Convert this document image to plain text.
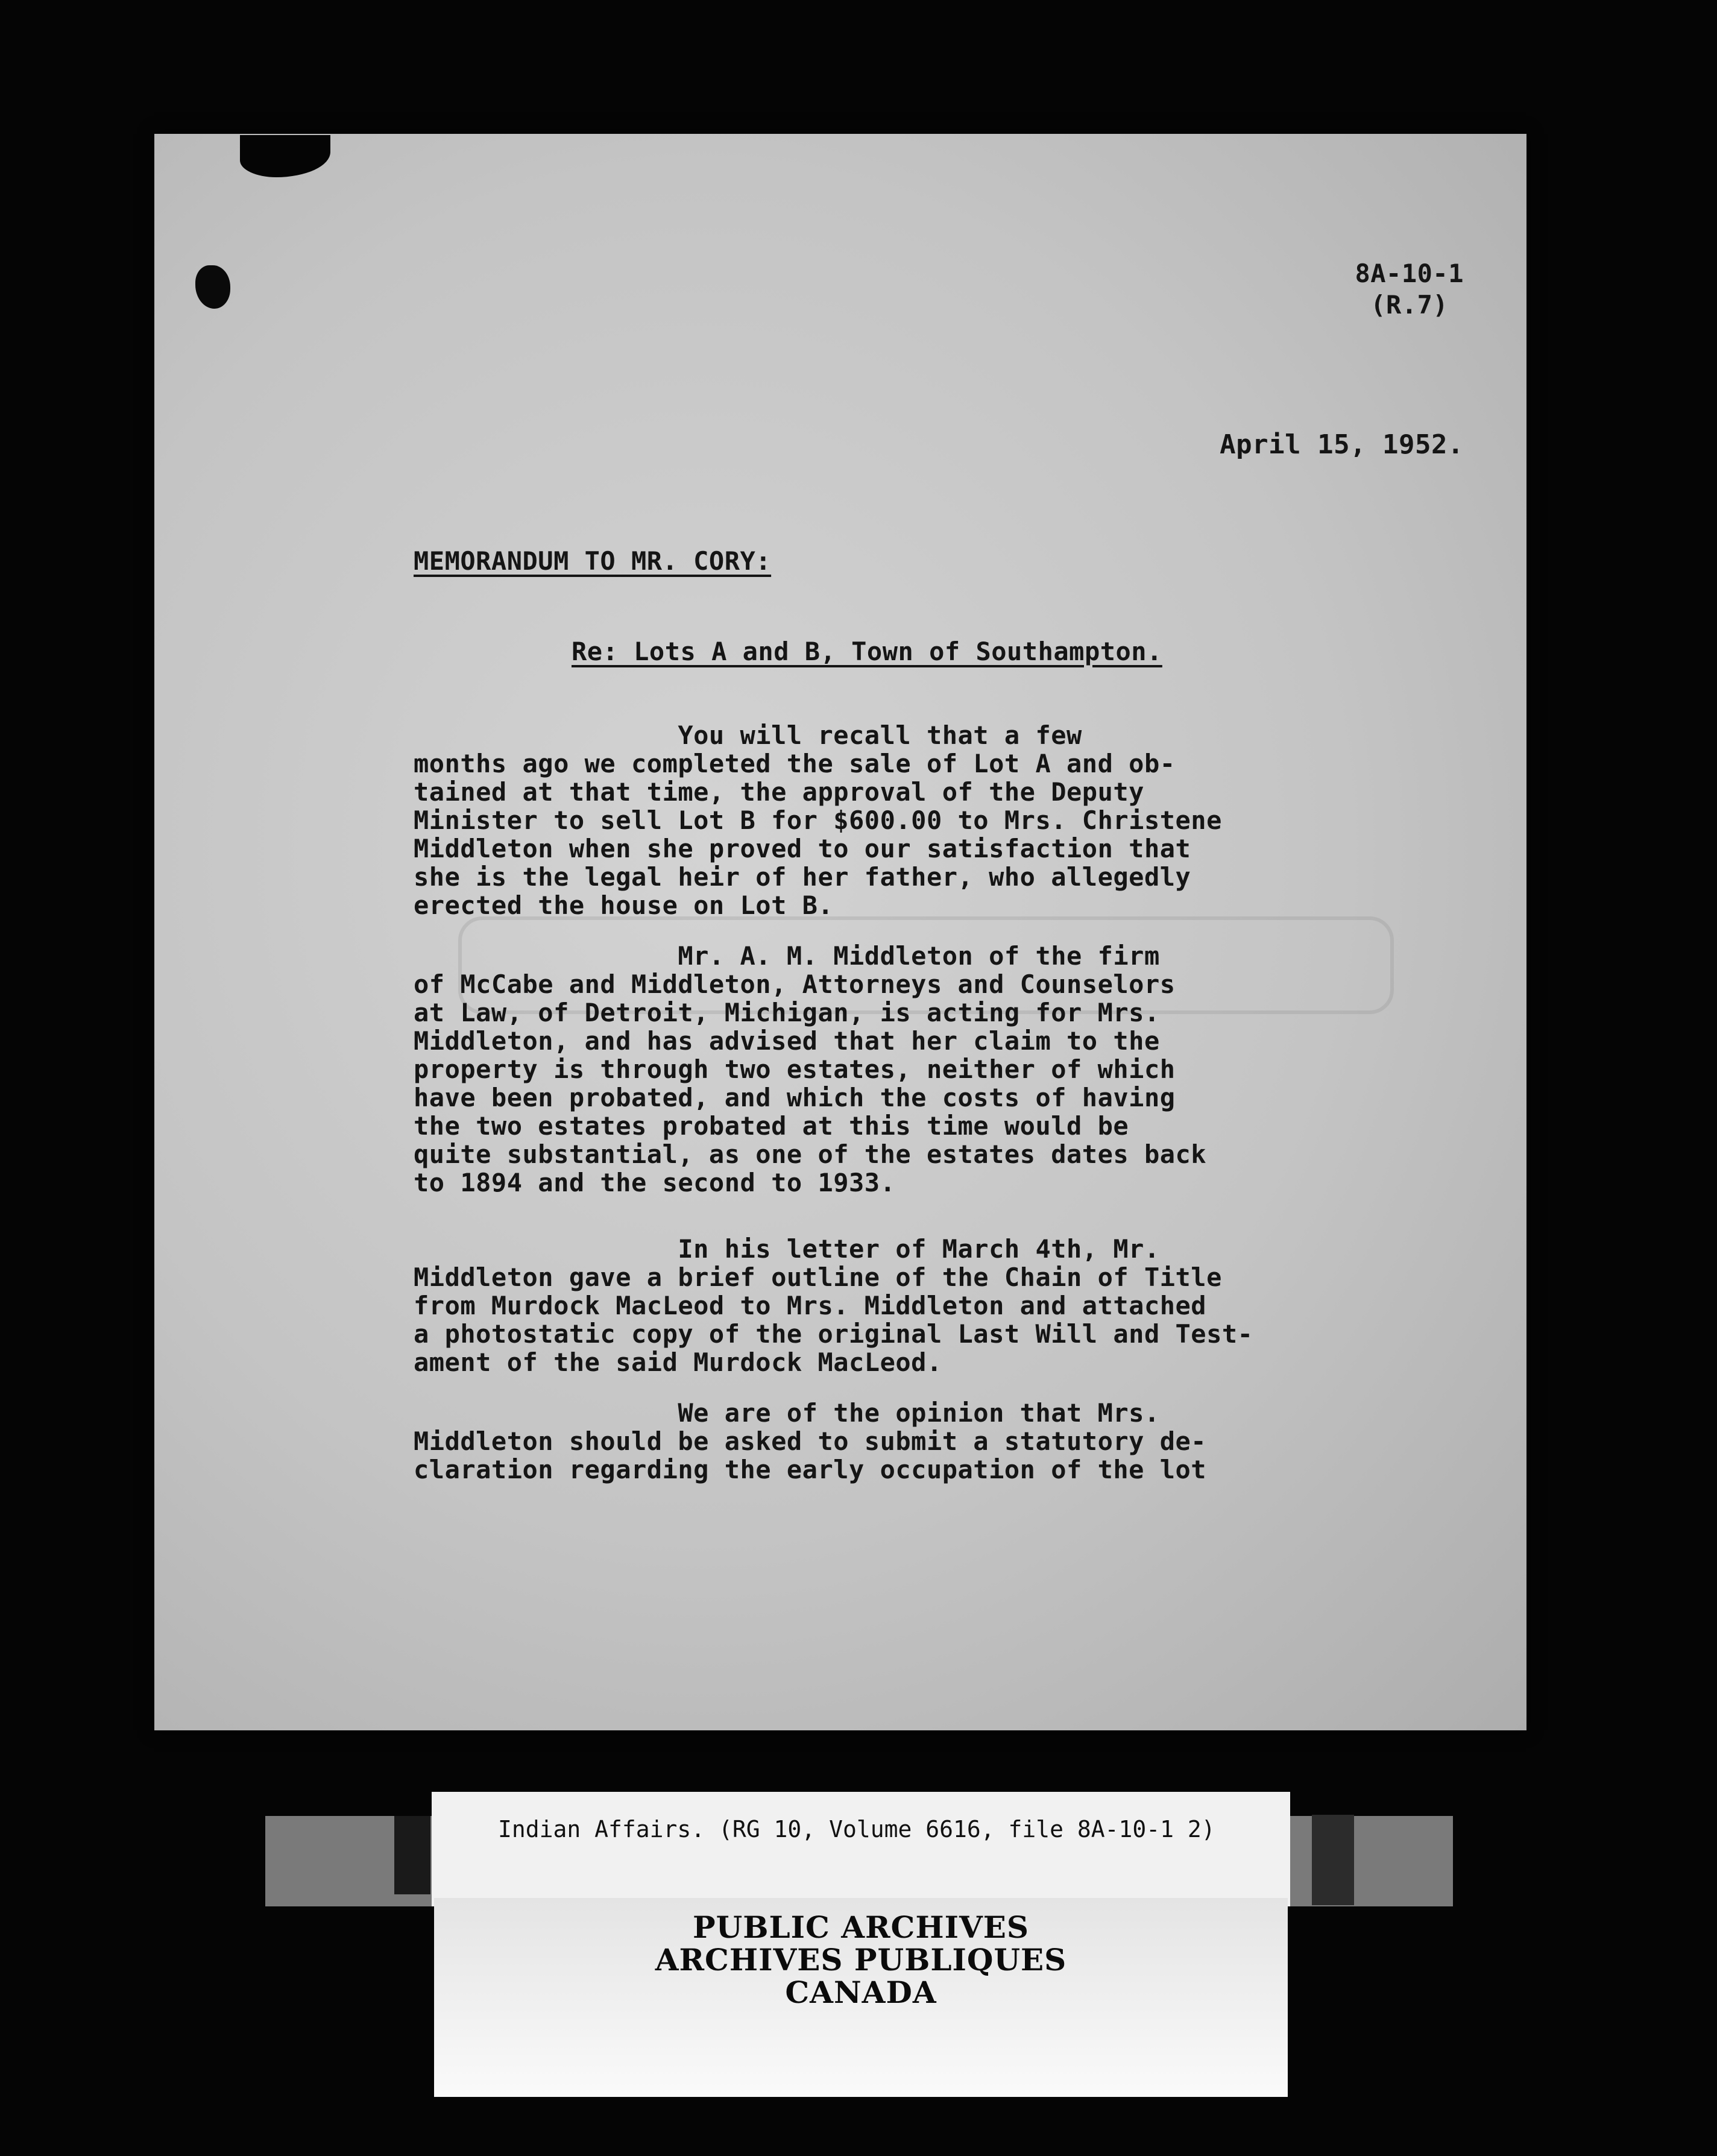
8A-10-1
(R.7)
April 15, 1952.
MEMORANDUM TO MR. CORY:
Re: Lots A and B, Town of Southampton.
You will recall that a few
months ago we completed the sale of Lot A and ob-
tained at that time, the approval of the Deputy
Minister to sell Lot B for $600.00 to Mrs. Christene
Middleton when she proved to our satisfaction that
she is the legal heir of her father, who allegedly
erected the house on Lot B.
Mr. A. M. Middleton of the firm
of McCabe and Middleton, Attorneys and Counselors
at Law, of Detroit, Michigan, is acting for Mrs.
Middleton, and has advised that her claim to the
property is through two estates, neither of which
have been probated, and which the costs of having
the two estates probated at this time would be
quite substantial, as one of the estates dates back
to 1894 and the second to 1933.
In his letter of March 4th, Mr.
Middleton gave a brief outline of the Chain of Title
from Murdock MacLeod to Mrs. Middleton and attached
a photostatic copy of the original Last Will and Test-
ament of the said Murdock MacLeod.
We are of the opinion that Mrs.
Middleton should be asked to submit a statutory de-
claration regarding the early occupation of the lot
Indian Affairs. (RG 10, Volume 6616, file 8A-10-1 2)
PUBLIC ARCHIVES
ARCHIVES PUBLIQUES
CANADA
